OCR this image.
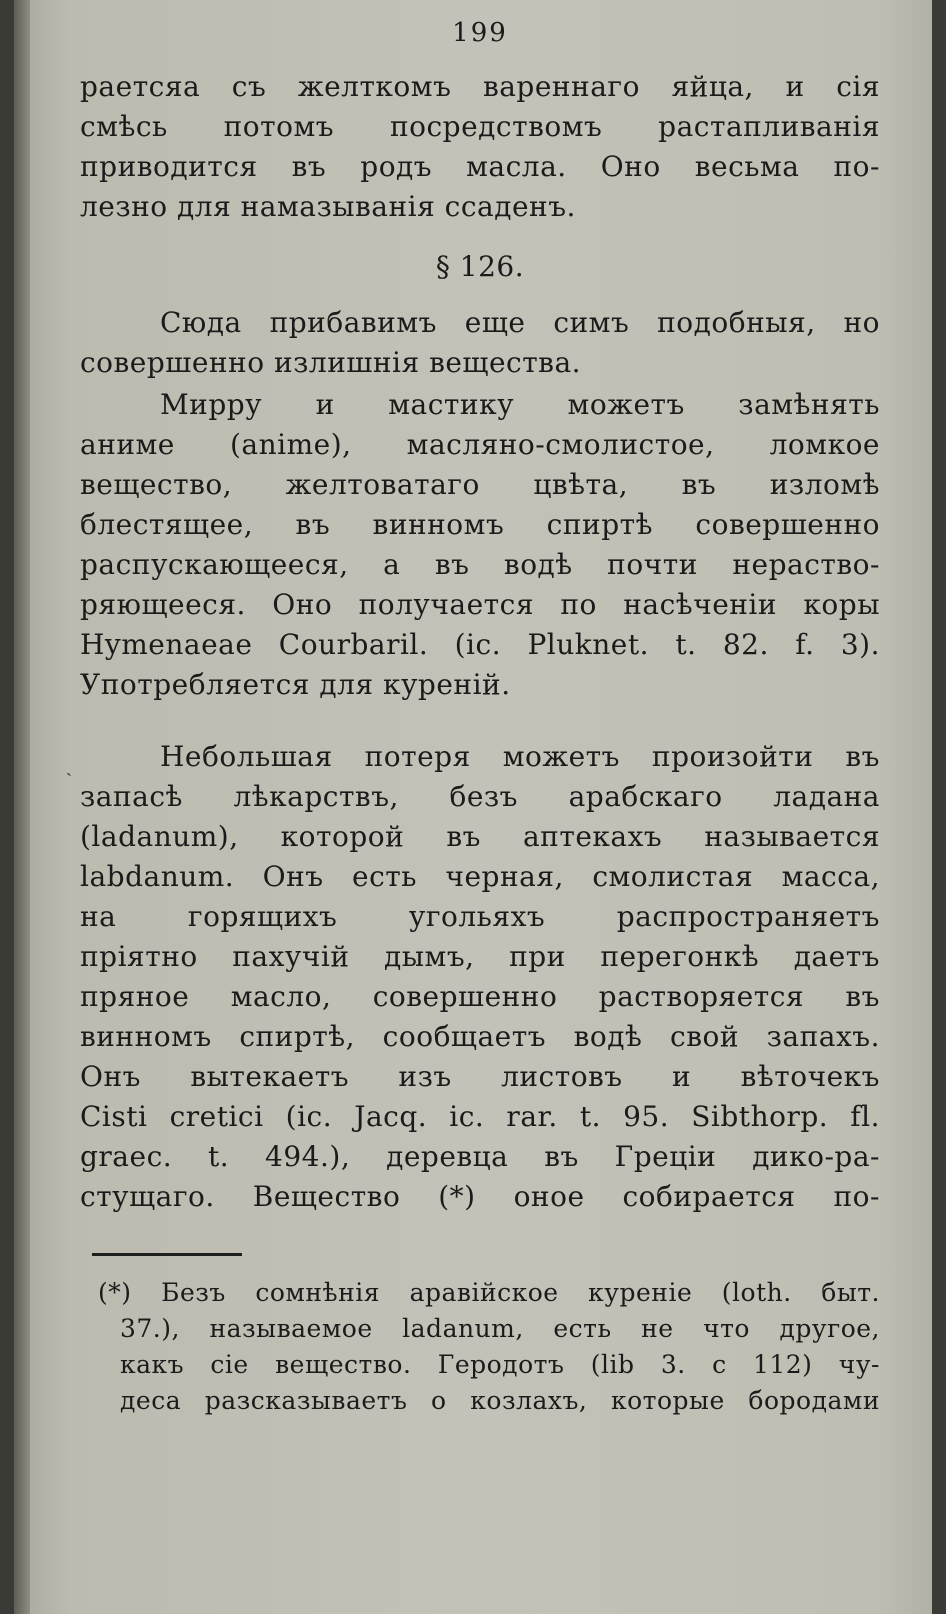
199
раетсяа съ желткомъ вареннаго яйца, и сія
смѣсь потомъ посредствомъ растапливанія
приводится въ родъ масла. Оно весьма по-
лезно для намазыванія ссаденъ.
§ 126.
Сюда прибавимъ еще симъ подобныя, но
совершенно излишнія вещества.
Мирру и мастику можетъ замѣнять
аниме (anime), масляно-смолистое, ломкое
вещество, желтоватаго цвѣта, въ изломѣ
блестящее, въ винномъ спиртѣ совершенно
распускающееся, а въ водѣ почти нераство-
ряющееся. Оно получается по насѣченіи коры
Hymenaeae Courbaril. (ic. Pluknet. t. 82. f. 3).
Употребляется для куреній.
Небольшая потеря можетъ произойти въ
запасѣ лѣкарствъ, безъ арабскаго ладана
(ladanum), которой въ аптекахъ называется
labdanum. Онъ есть черная, смолистая масса,
на горящихъ угольяхъ распространяетъ
пріятно пахучій дымъ, при перегонкѣ даетъ
пряное масло, совершенно растворяется въ
винномъ спиртѣ, сообщаетъ водѣ свой запахъ.
Онъ вытекаетъ изъ листовъ и вѣточекъ
Cisti cretici (ic. Jacq. ic. rar. t. 95. Sibthorp. fl.
graec. t. 494.), деревца въ Греціи дико-ра-
стущаго. Вещество (*) оное собирается по-
(*) Безъ сомнѣнія аравійское куреніе (loth. быт.
37.), называемое ladanum, есть не что другое,
какъ сіе вещество. Геродотъ (lib 3. c 112) чу-
деса разсказываетъ о козлахъ, которые бородами
ˎ
